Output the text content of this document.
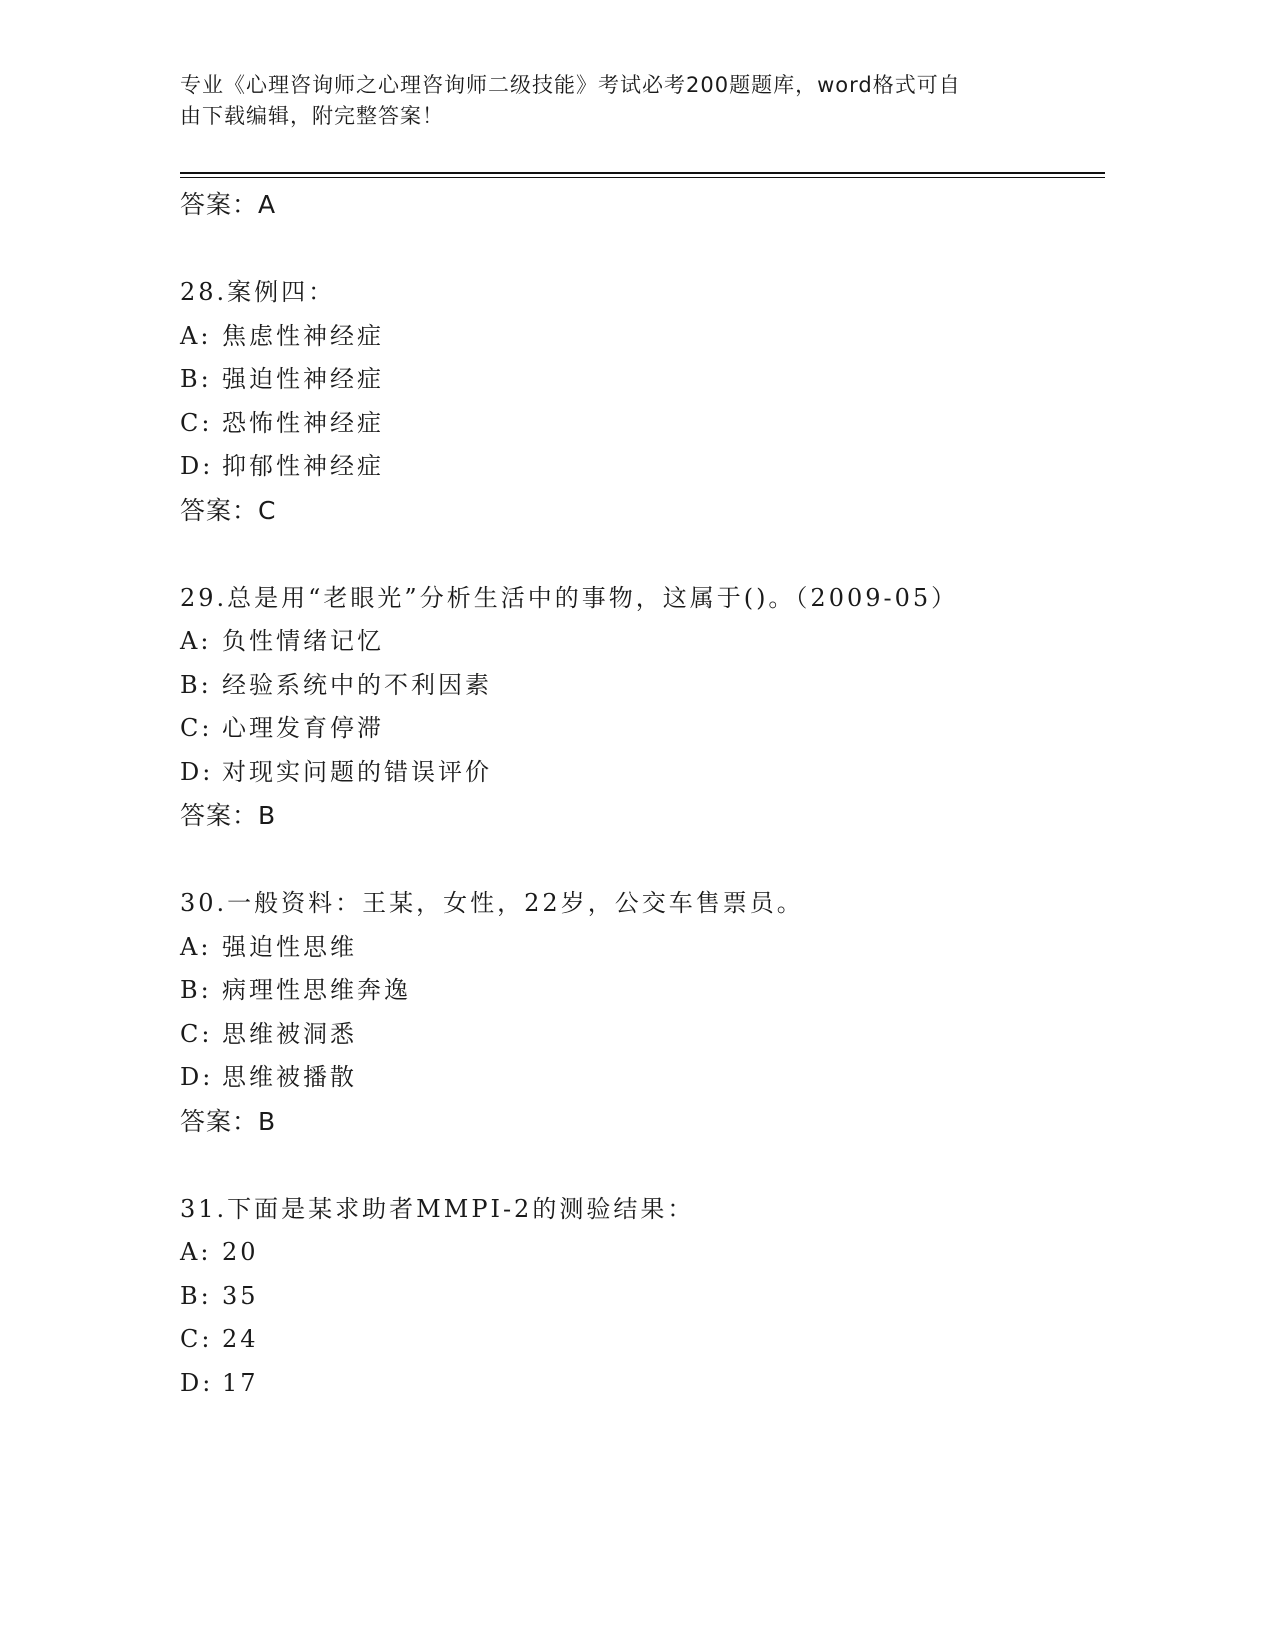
专业《心理咨询师之心理咨询师二级技能》考试必考200题题库，word格式可自
由下载编辑，附完整答案！
答案：A
28.案例四：
A: 焦虑性神经症
B: 强迫性神经症
C: 恐怖性神经症
D: 抑郁性神经症
答案：C
29.总是用“老眼光”分析生活中的事物，这属于()。（2009-05）
A: 负性情绪记忆
B: 经验系统中的不利因素
C: 心理发育停滞
D: 对现实问题的错误评价
答案：B
30.一般资料：王某，女性，22岁，公交车售票员。
A: 强迫性思维
B: 病理性思维奔逸
C: 思维被洞悉
D: 思维被播散
答案：B
31.下面是某求助者MMPI-2的测验结果：
A: 20
B: 35
C: 24
D: 17
